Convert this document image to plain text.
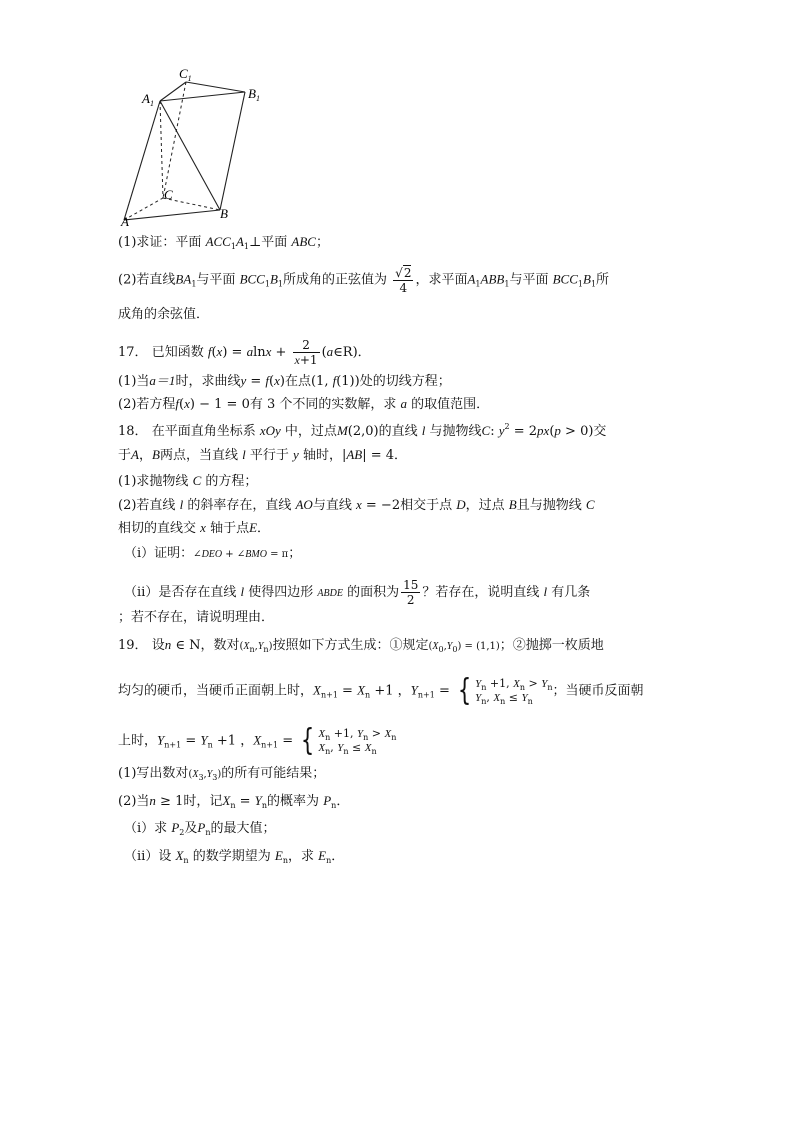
$A_1$
$C_1$
$B_1$
A
B
C
(1)求证：平面 $ACC_1A_1\perp$平面 ABC；
(2)若直线$BA_1$与平面 $BCC_1B_1$所成角的正弦值为 $\frac{√2}{4}$ ，求平面$A_1ABB_1$与平面 $BCC_1B_1$所
成角的余弦值．
17． 已知函数 $f(x) = alnx + \frac{2}{x+1}$ (a∈R)．
(1)当a＝1时，求曲线y = f(x)在点(1, f(1))处的切线方程；
(2)若方程f(x) − 1 = 0有 3 个不同的实数解，求 a 的取值范围．
18． 在平面直角坐标系 xOy 中，过点M(2,0)的直线 l 与抛物线C: $y^2 = 2px(p > 0)$交
于A，B两点，当直线 l 平行于 y 轴时，|AB| = 4．
(1)求抛物线 C 的方程；
(2)若直线 l 的斜率存在，直线 AO与直线 x = −2相交于点 D，过点 B且与抛物线 C
相切的直线交 x 轴于点E．
（ⅰ）证明：∠DEO + ∠BMO = π；
（ⅱ）是否存在直线 l 使得四边形 ABDE 的面积为 $\frac{15}{2}$ ？若存在，说明直线 l 有几条
；若不存在，请说明理由．
19． 设n ∈ N，数对$(X_n,Y_n)$按照如下方式生成：①规定$(X_0,Y_0) = (1,1)$；②抛掷一枚质地
均匀的硬币，当硬币正面朝上时，$X_{n+1} = X_n +1$ ，$Y_{n+1}$ = { $Y_n +1$, $X_n > Y_n$
$Y_n$, $X_n \le Y_n$
；当硬币反面朝
上时，$Y_{n+1} = Y_n +1$ ，$X_{n+1}$ = { $X_n +1$, $Y_n > X_n$
$X_n$, $Y_n \le X_n$
(1)写出数对$(X_3,Y_3)$的所有可能结果；
(2)当n ≥ 1时，记$X_n = Y_n$的概率为 $P_n$．
（ⅰ）求 $P_2$及$P_n$的最大值；
（ⅱ）设 $X_n$ 的数学期望为 $E_n$，求 $E_n$．
